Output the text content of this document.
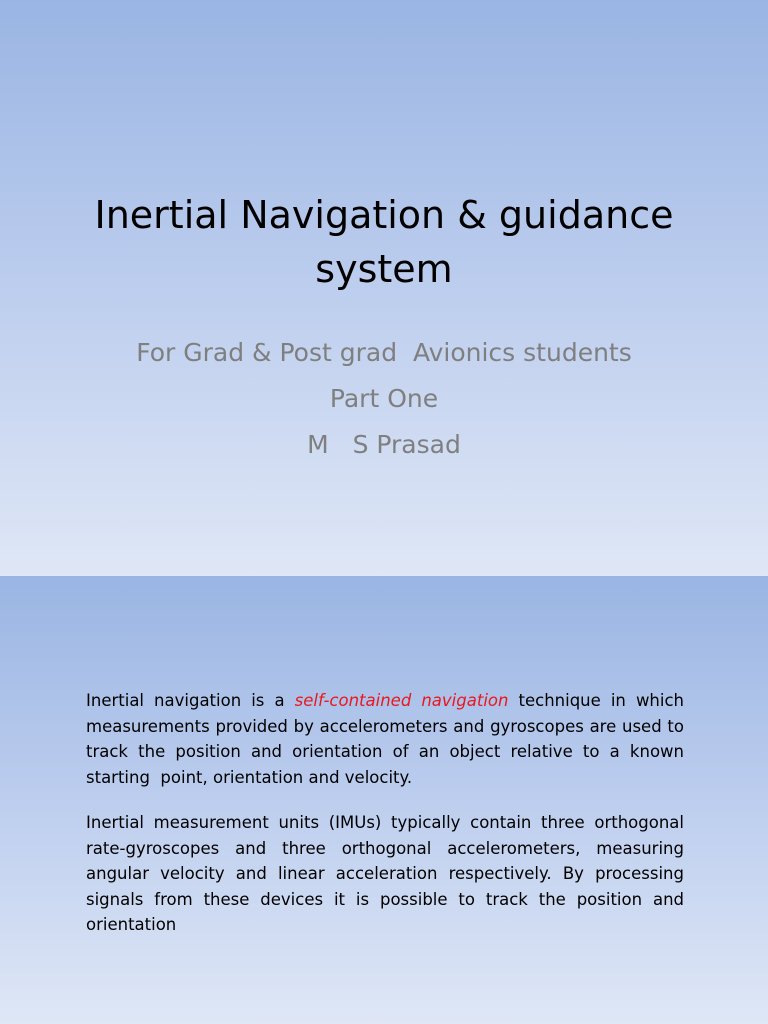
Inertial Navigation & guidance
system
For Grad & Post grad  Avionics students
Part One
M   S Prasad

Inertial navigation is a self-contained navigation technique in which measurements provided by accelerometers and gyroscopes are used to track the position and orientation of an object relative to a known starting  point, orientation and velocity.

Inertial measurement units (IMUs) typically contain three orthogonal rate-gyroscopes and three orthogonal accelerometers, measuring angular velocity and linear acceleration respectively. By processing signals from these devices it is possible to track the position and orientation
